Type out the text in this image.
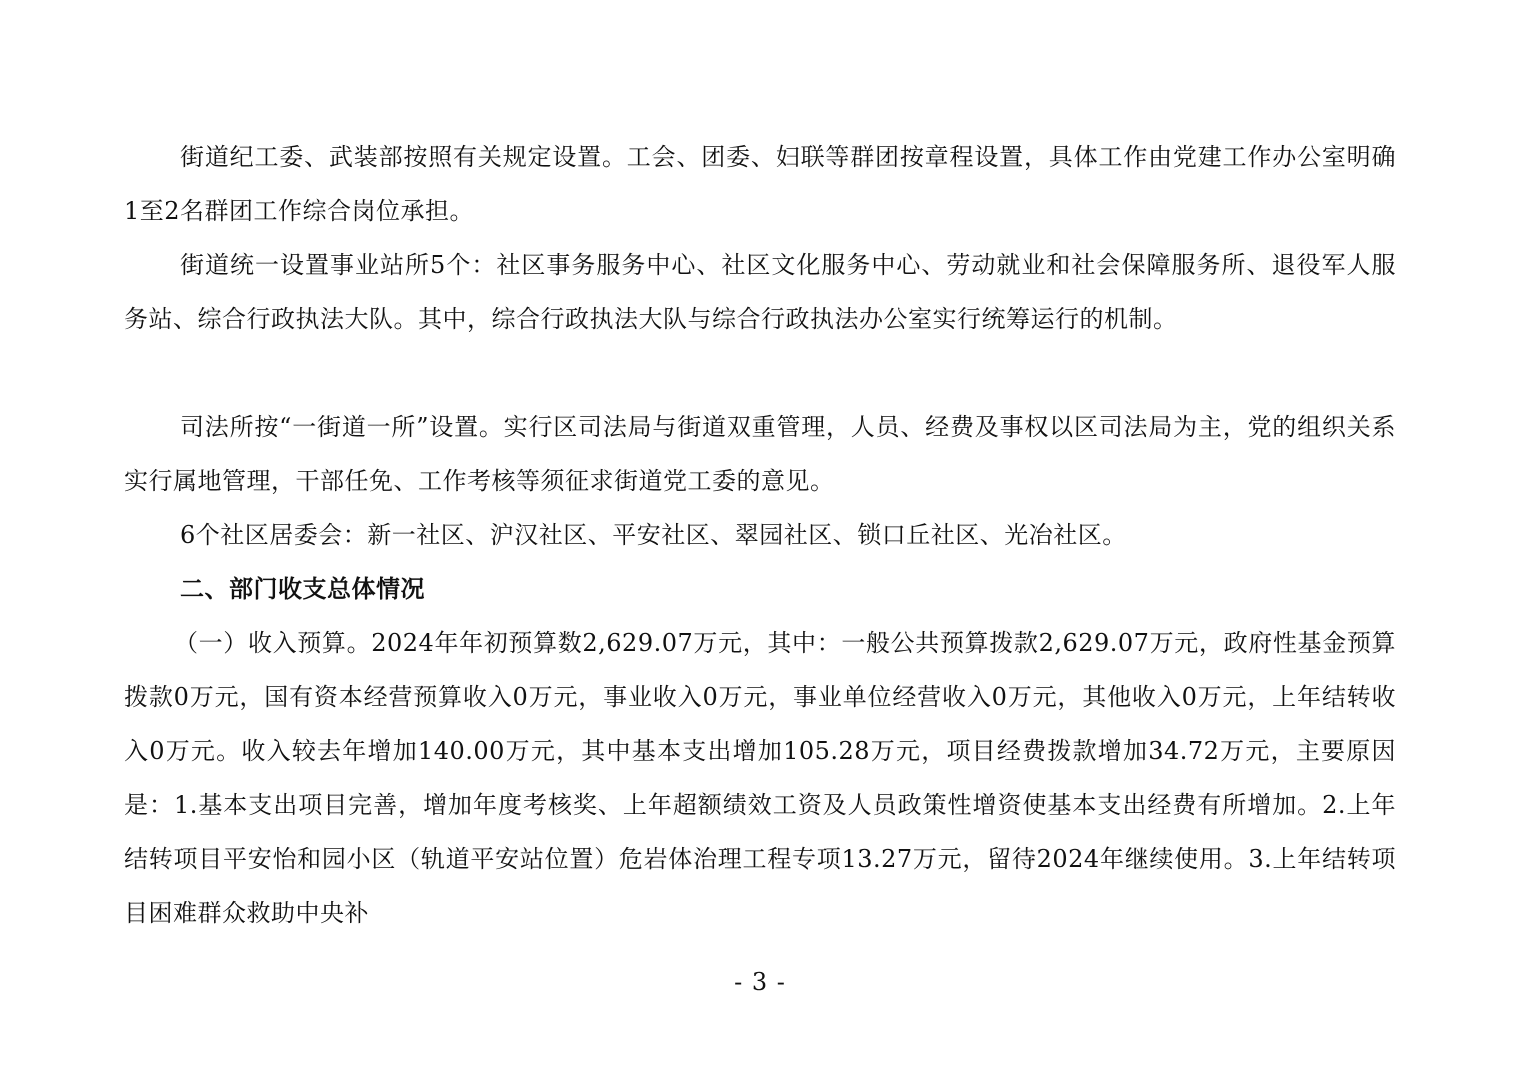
街道纪工委、武装部按照有关规定设置。工会、团委、妇联等群团按章程设置，具体工作由党建工作办公室明确1至2名群团工作综合岗位承担。

街道统一设置事业站所5个：社区事务服务中心、社区文化服务中心、劳动就业和社会保障服务所、退役军人服务站、综合行政执法大队。其中，综合行政执法大队与综合行政执法办公室实行统筹运行的机制。

司法所按“一街道一所”设置。实行区司法局与街道双重管理，人员、经费及事权以区司法局为主，党的组织关系实行属地管理，干部任免、工作考核等须征求街道党工委的意见。

6个社区居委会：新一社区、沪汉社区、平安社区、翠园社区、锁口丘社区、光冶社区。

二、部门收支总体情况

（一）收入预算。2024年年初预算数2,629.07万元，其中：一般公共预算拨款2,629.07万元，政府性基金预算拨款0万元，国有资本经营预算收入0万元，事业收入0万元，事业单位经营收入0万元，其他收入0万元，上年结转收入0万元。收入较去年增加140.00万元，其中基本支出增加105.28万元，项目经费拨款增加34.72万元，主要原因是：1.基本支出项目完善，增加年度考核奖、上年超额绩效工资及人员政策性增资使基本支出经费有所增加。2.上年结转项目平安怡和园小区（轨道平安站位置）危岩体治理工程专项13.27万元，留待2024年继续使用。3.上年结转项目困难群众救助中央补

- 3 -
